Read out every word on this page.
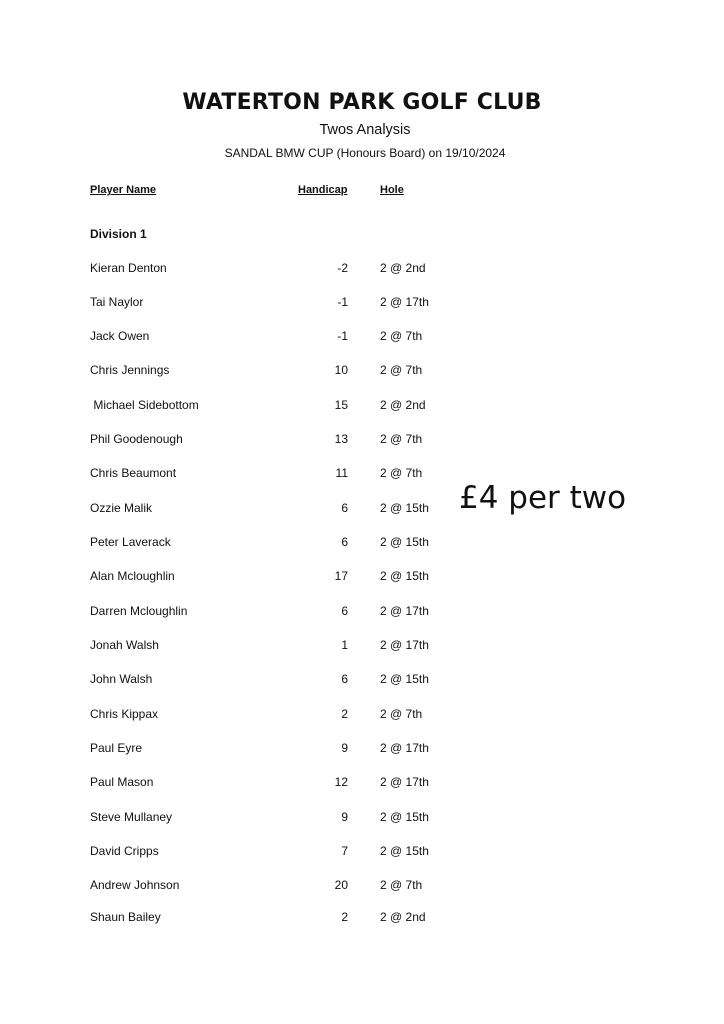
WATERTON PARK GOLF CLUB
Twos Analysis
SANDAL BMW CUP (Honours Board) on 19/10/2024
Player Name	Handicap	Hole
Division 1
Kieran Denton	-2	2 @ 2nd
Tai Naylor	-1	2 @ 17th
Jack Owen	-1	2 @ 7th
Chris Jennings	10	2 @ 7th
Michael Sidebottom	15	2 @ 2nd
Phil Goodenough	13	2 @ 7th
Chris Beaumont	11	2 @ 7th
Ozzie Malik	6	2 @ 15th
Peter Laverack	6	2 @ 15th
Alan Mcloughlin	17	2 @ 15th
Darren Mcloughlin	6	2 @ 17th
Jonah Walsh	1	2 @ 17th
John Walsh	6	2 @ 15th
Chris Kippax	2	2 @ 7th
Paul Eyre	9	2 @ 17th
Paul Mason	12	2 @ 17th
Steve Mullaney	9	2 @ 15th
David Cripps	7	2 @ 15th
Andrew Johnson	20	2 @ 7th
Shaun Bailey	2	2 @ 2nd
£4 per two
